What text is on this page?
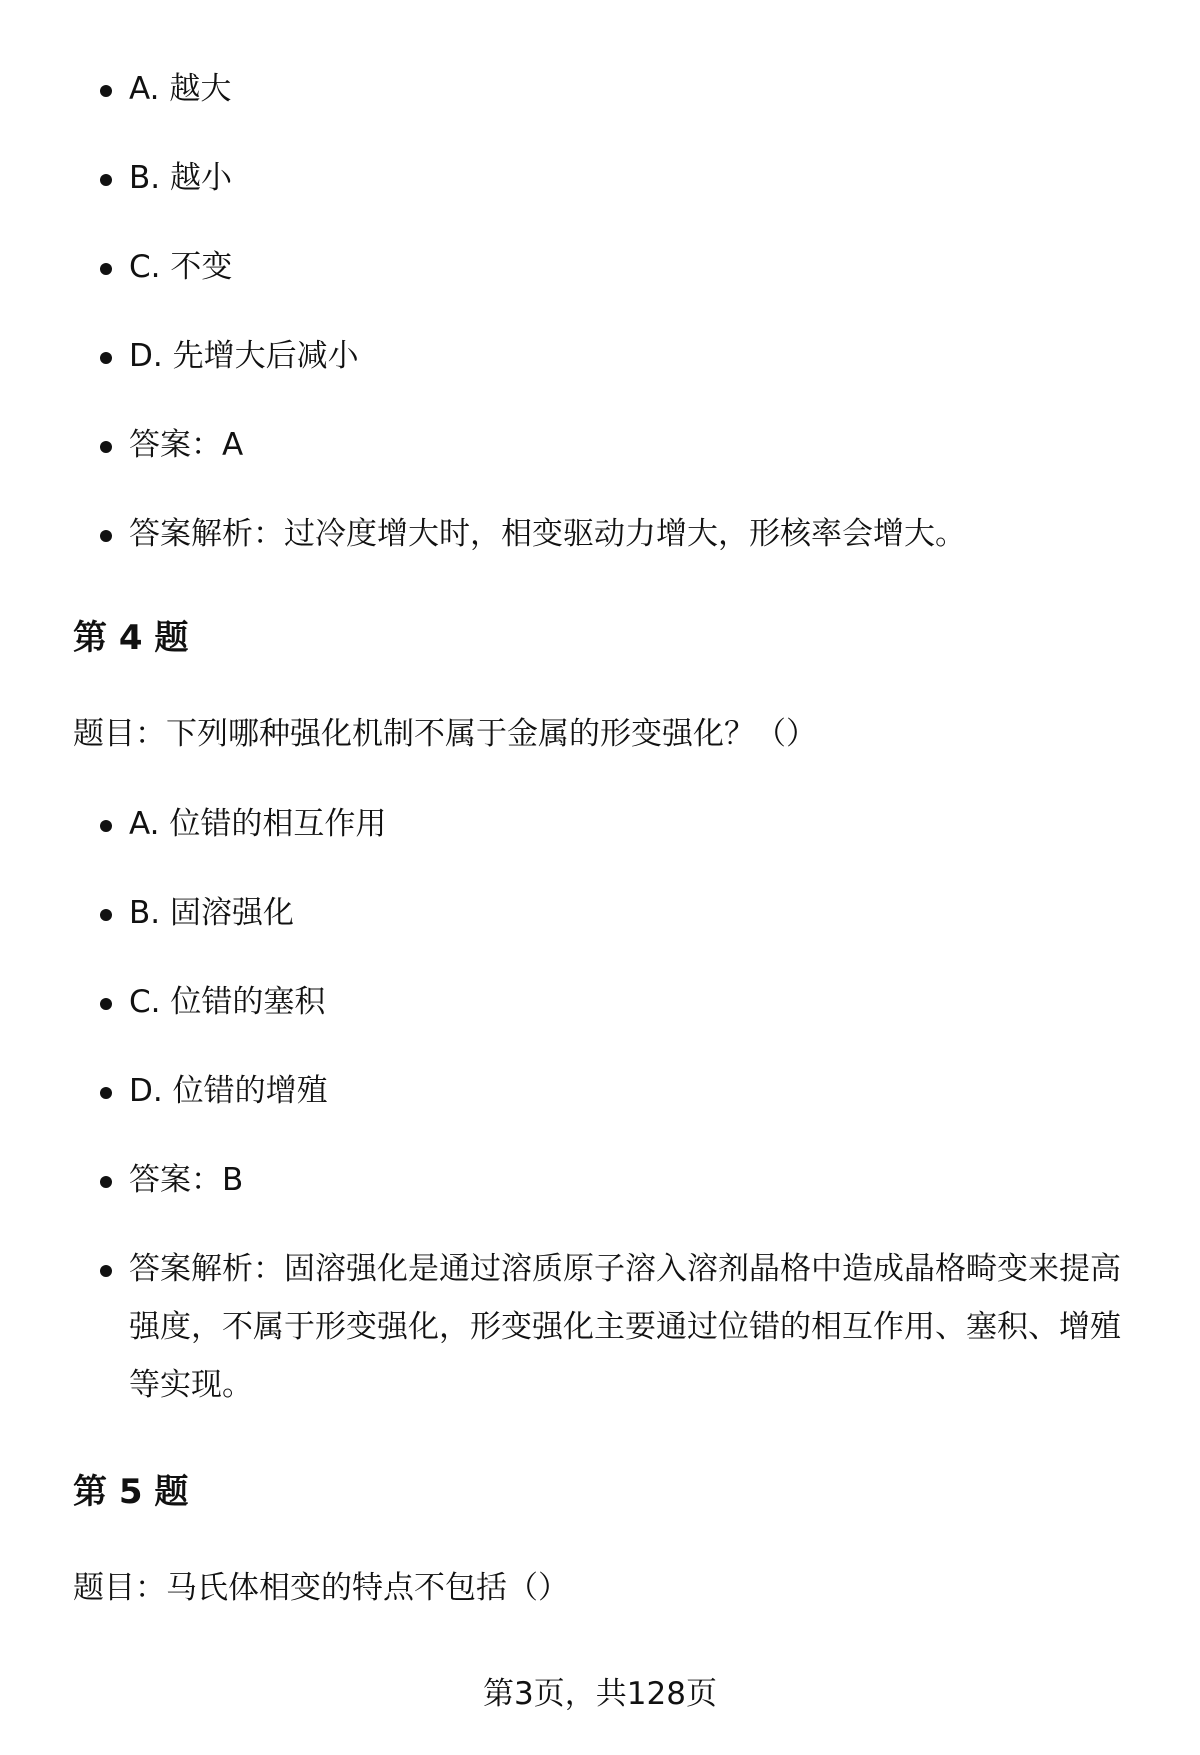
A. 越大
B. 越小
C. 不变
D. 先增大后减小
答案：A
答案解析：过冷度增大时，相变驱动力增大，形核率会增大。
第 4 题

题目：下列哪种强化机制不属于金属的形变强化？（）

A. 位错的相互作用
B. 固溶强化
C. 位错的塞积
D. 位错的增殖
答案：B
答案解析：固溶强化是通过溶质原子溶入溶剂晶格中造成晶格畸变来提高强度，不属于形变强化，形变强化主要通过位错的相互作用、塞积、增殖等实现。
第 5 题

题目：马氏体相变的特点不包括（）

第3页，共128页
